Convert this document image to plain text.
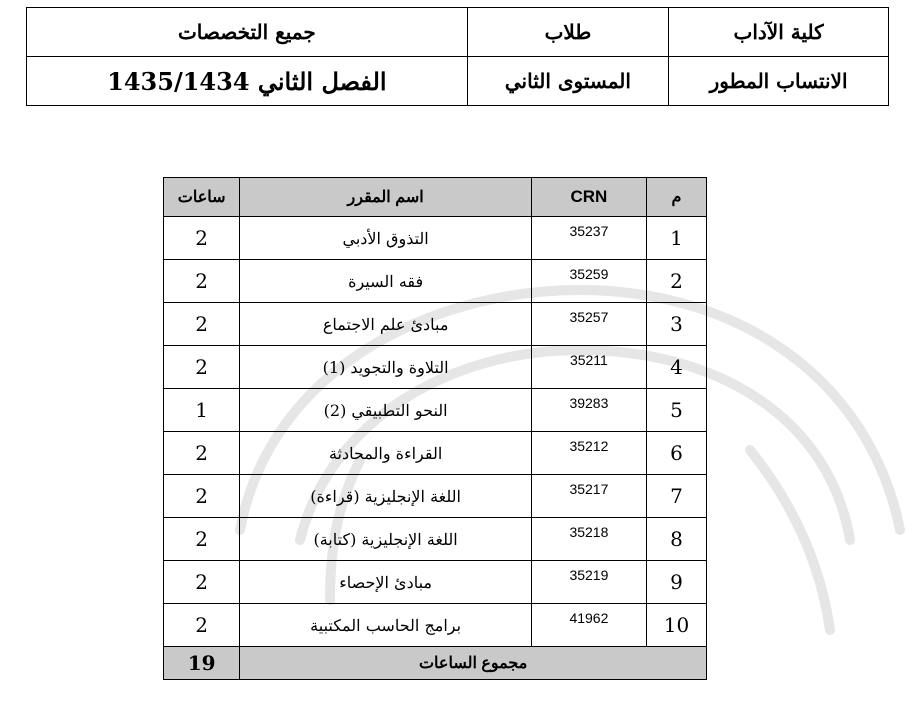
كلية الآداب	طلاب	جميع التخصصات
الانتساب المطور	المستوى الثاني	الفصل الثاني 1435/1434
م	CRN	اسم المقرر	ساعات
1	35237	التذوق الأدبي	2
2	35259	فقه السيرة	2
3	35257	مبادئ علم الاجتماع	2
4	35211	التلاوة والتجويد (1)	2
5	39283	النحو التطبيقي (2)	1
6	35212	القراءة والمحادثة	2
7	35217	اللغة الإنجليزية (قراءة)	2
8	35218	اللغة الإنجليزية (كتابة)	2
9	35219	مبادئ الإحصاء	2
10	41962	برامج الحاسب المكتبية	2
مجموع الساعات			19
